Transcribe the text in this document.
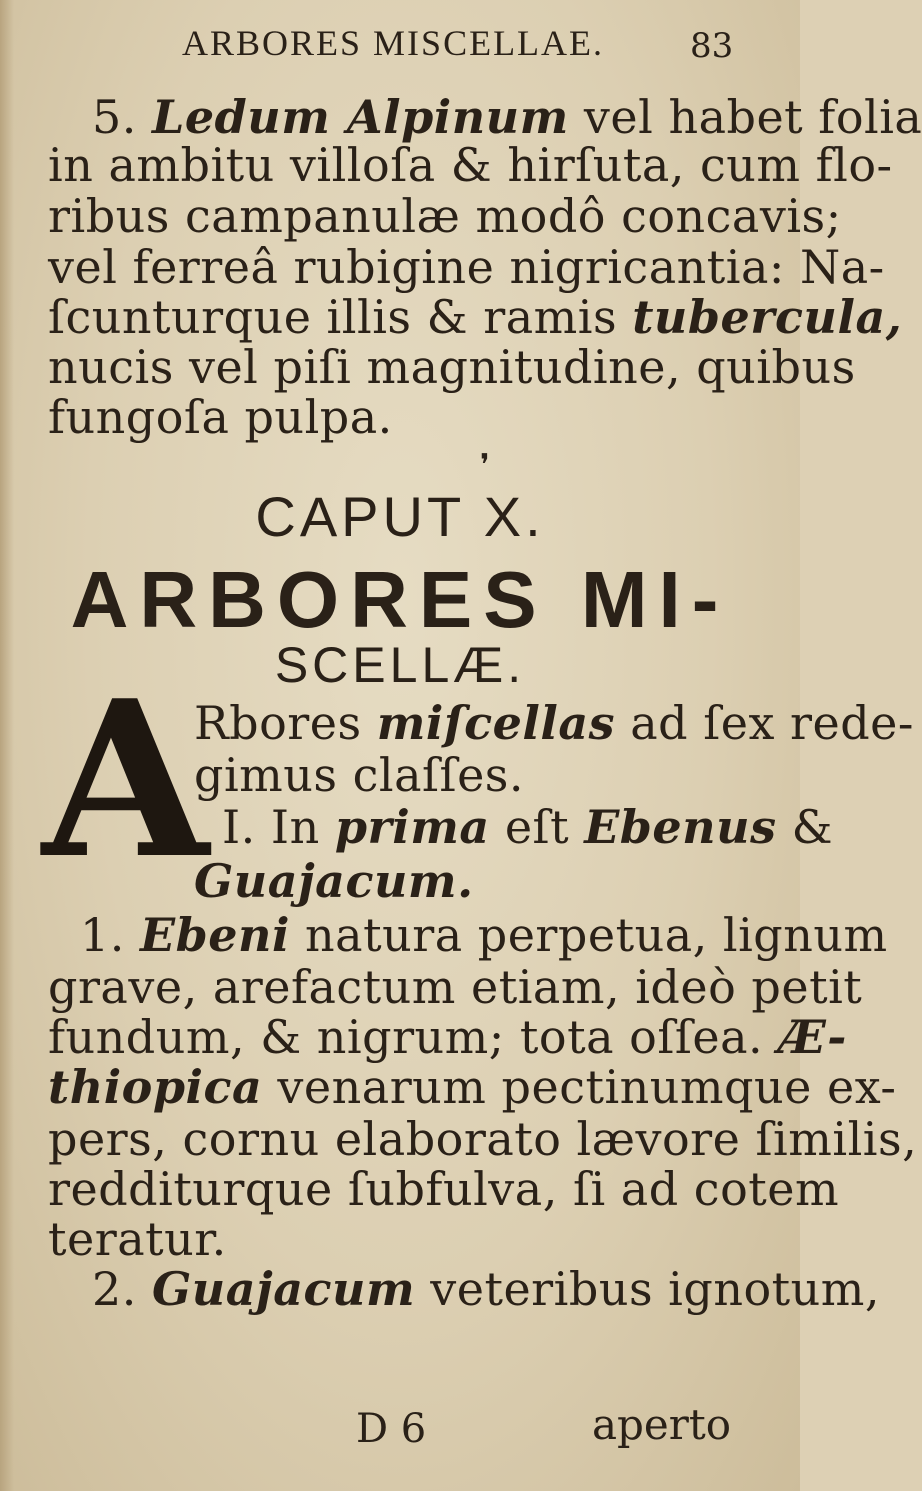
ARBORES MISCELLAE.	83
5. Ledum Alpinum vel habet folia
in ambitu villoſa & hirſuta, cum flo-
ribus campanulæ modô concavis;
vel ferreâ rubigine nigricantia: Na-
ſcunturque illis & ramis tubercula,
nucis vel piſi magnitudine, quibus
fungoſa pulpa.
❜
CAPUT X.
ARBORES MI-
SCELLÆ.
A
Rbores miſcellas ad ſex rede-
gimus claſſes.
I. In prima eſt Ebenus &
Guajacum.
1. Ebeni natura perpetua, lignum
grave, arefactum etiam, ideò petit
fundum, & nigrum; tota oſſea. Æ-
thiopica venarum pectinumque ex-
pers, cornu elaborato lævore ſimilis,
redditurque ſubfulva, ſi ad cotem
teratur.
2. Guajacum veteribus ignotum,
D 6	aperto
